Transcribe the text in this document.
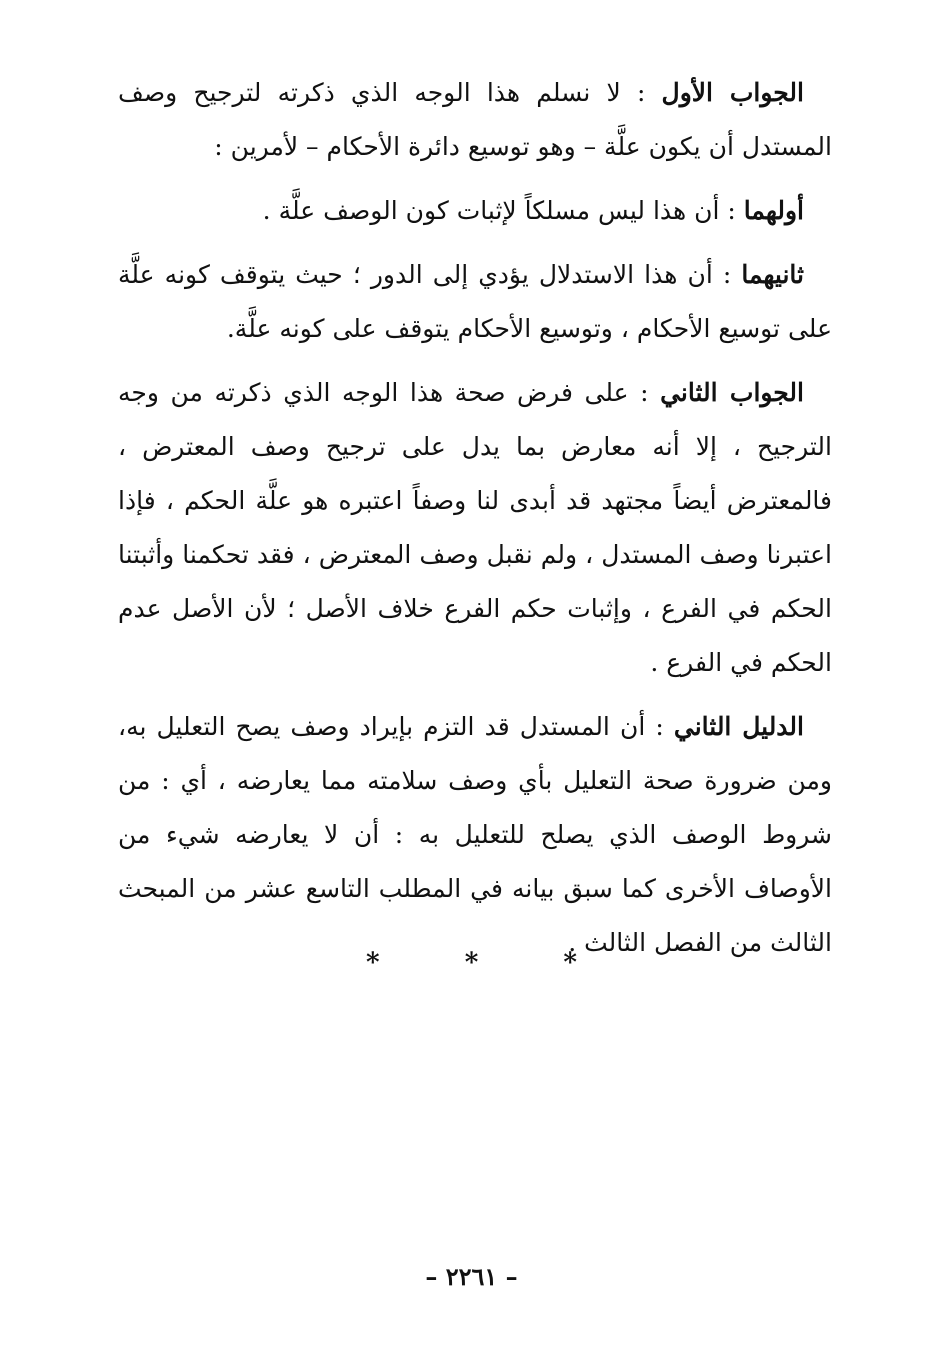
الجواب الأول : لا نسلم هذا الوجه الذي ذكرته لترجيح وصف المستدل أن يكون علَّة – وهو توسيع دائرة الأحكام – لأمرين :

أولهما : أن هذا ليس مسلكاً لإثبات كون الوصف علَّة .

ثانيهما : أن هذا الاستدلال يؤدي إلى الدور ؛ حيث يتوقف كونه علَّة على توسيع الأحكام ، وتوسيع الأحكام يتوقف على كونه علَّة.

الجواب الثاني : على فرض صحة هذا الوجه الذي ذكرته من وجه الترجيح ، إلا أنه معارض بما يدل على ترجيح وصف المعترض ، فالمعترض أيضاً مجتهد قد أبدى لنا وصفاً اعتبره هو علَّة الحكم ، فإذا اعتبرنا وصف المستدل ، ولم نقبل وصف المعترض ، فقد تحكمنا وأثبتنا الحكم في الفرع ، وإثبات حكم الفرع خلاف الأصل ؛ لأن الأصل عدم الحكم في الفرع .

الدليل الثاني : أن المستدل قد التزم بإيراد وصف يصح التعليل به، ومن ضرورة صحة التعليل بأي وصف سلامته مما يعارضه ، أي : من شروط الوصف الذي يصلح للتعليل به : أن لا يعارضه شيء من الأوصاف الأخرى كما سبق بيانه في المطلب التاسع عشر من المبحث الثالث من الفصل الثالث .

*	*	*
– ٢٢٦١ –
